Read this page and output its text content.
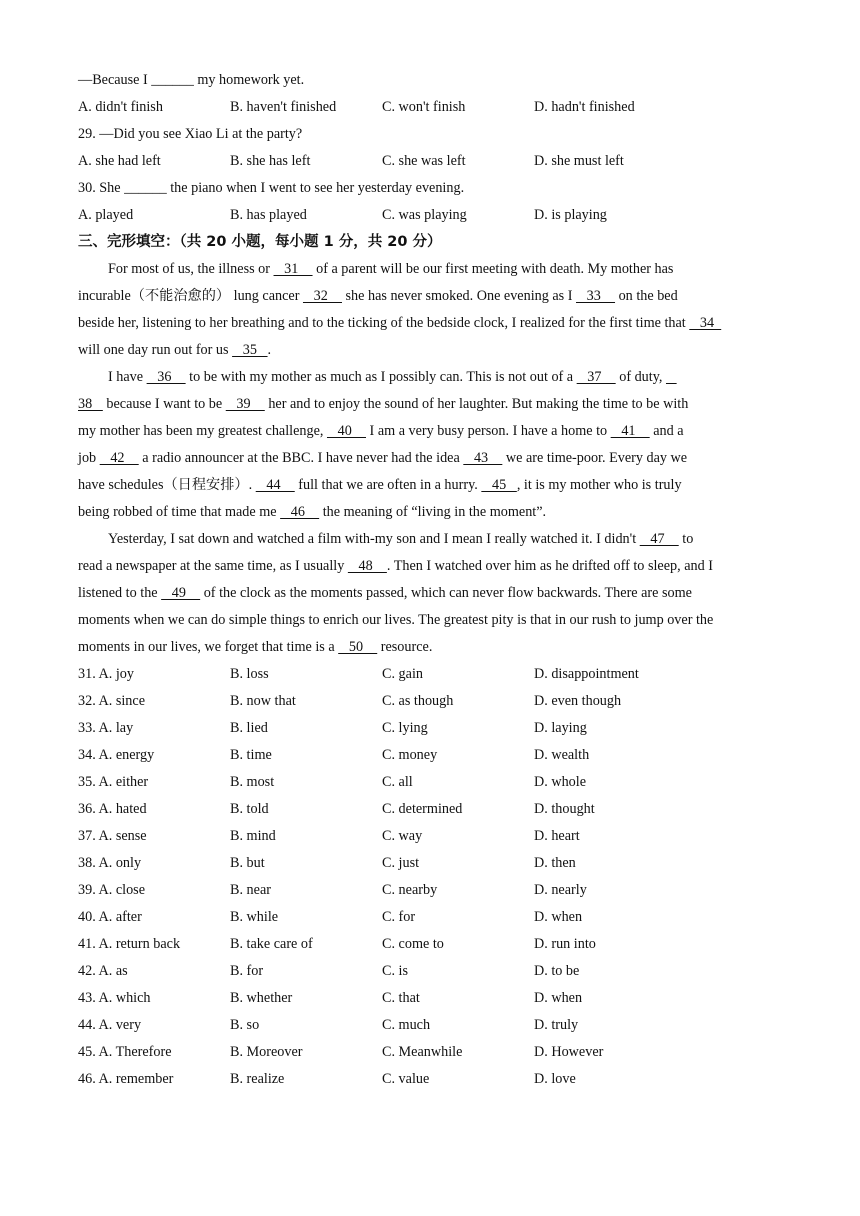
—Because I ______ my homework yet.
A. didn't finish	B. haven't finished	C. won't finish	D. hadn't finished
29. —Did you see Xiao Li at the party?
A. she had left	B. she has left	C. she was left	D. she must left
30. She ______ the piano when I went to see her yesterday evening.
A. played	B. has played	C. was playing	D. is playing
三、完形填空：（共 20 小题，每小题 1 分，共 20 分）
For most of us, the illness or    31     of a parent will be our first meeting with death. My mother has
incurable（不能治愈的） lung cancer    32     she has never smoked. One evening as I    33     on the bed
beside her, listening to her breathing and to the ticking of the bedside clock, I realized for the first time that    34
will one day run out for us    35   .
I have    36     to be with my mother as much as I possibly can. This is not out of a    37     of duty,
38    because I want to be    39     her and to enjoy the sound of her laughter. But making the time to be with
my mother has been my greatest challenge,    40     I am a very busy person. I have a home to    41     and a
job    42     a radio announcer at the BBC. I have never had the idea    43     we are time-poor. Every day we
have schedules（日程安排）.    44     full that we are often in a hurry.    45   , it is my mother who is truly
being robbed of time that made me    46     the meaning of “living in the moment”.
Yesterday, I sat down and watched a film with-my son and I mean I really watched it. I didn't    47     to
read a newspaper at the same time, as I usually    48    . Then I watched over him as he drifted off to sleep, and I
listened to the    49     of the clock as the moments passed, which can never flow backwards. There are some
moments when we can do simple things to enrich our lives. The greatest pity is that in our rush to jump over the
moments in our lives, we forget that time is a    50     resource.
31. A. joy	B. loss	C. gain	D. disappointment
32. A. since	B. now that	C. as though	D. even though
33. A. lay	B. lied	C. lying	D. laying
34. A. energy	B. time	C. money	D. wealth
35. A. either	B. most	C. all	D. whole
36. A. hated	B. told	C. determined	D. thought
37. A. sense	B. mind	C. way	D. heart
38. A. only	B. but	C. just	D. then
39. A. close	B. near	C. nearby	D. nearly
40. A. after	B. while	C. for	D. when
41. A. return back	B. take care of	C. come to	D. run into
42. A. as	B. for	C. is	D. to be
43. A. which	B. whether	C. that	D. when
44. A. very	B. so	C. much	D. truly
45. A. Therefore	B. Moreover	C. Meanwhile	D. However
46. A. remember	B. realize	C. value	D. love
